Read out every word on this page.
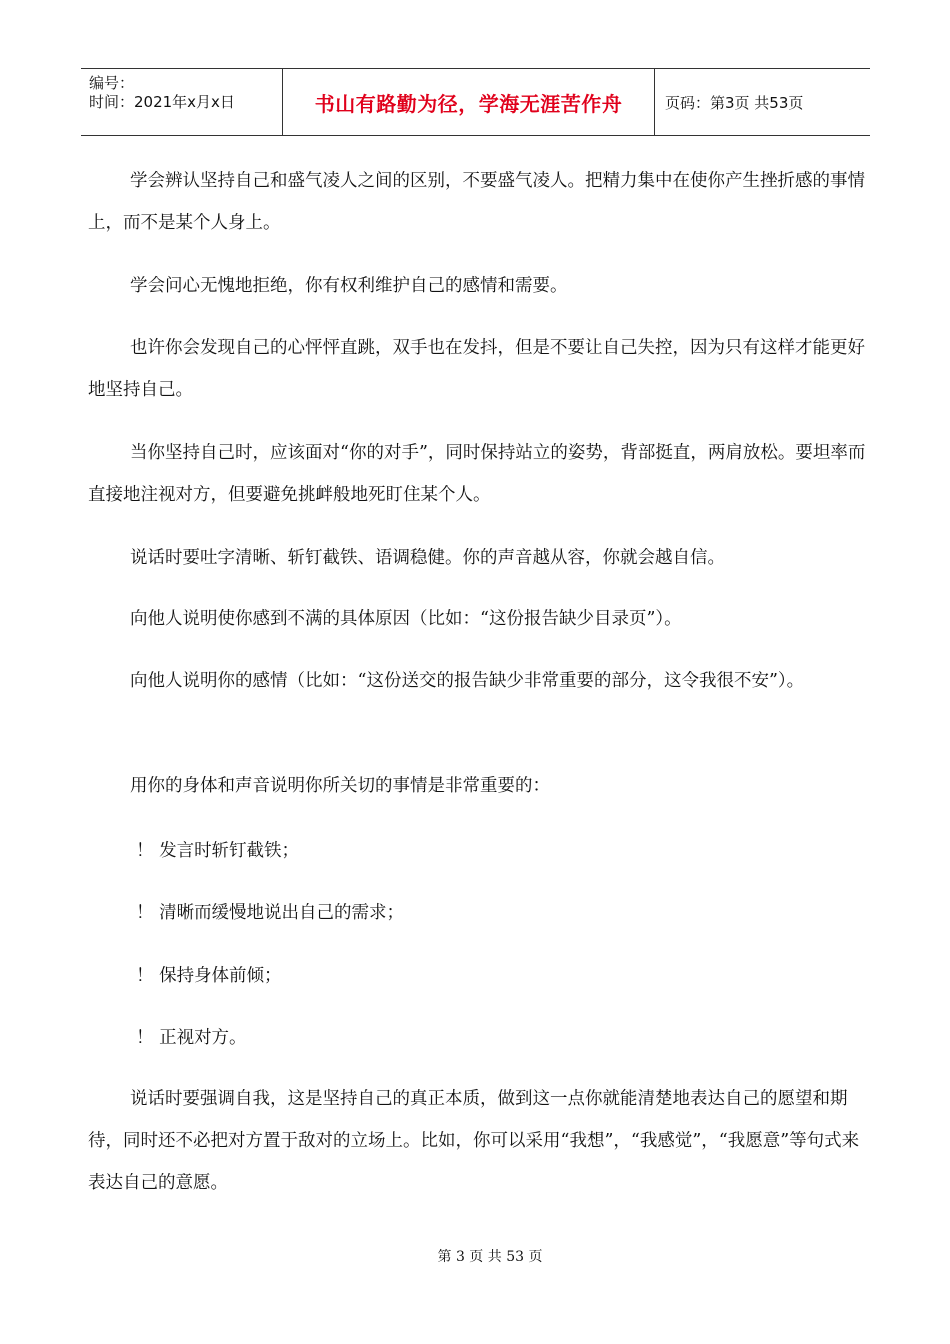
编号：
时间：2021年x月x日	书山有路勤为径，学海无涯苦作舟	页码：第3页 共53页

学会辨认坚持自己和盛气凌人之间的区别，不要盛气凌人。把精力集中在使你产生挫折感的事情上，而不是某个人身上。

学会问心无愧地拒绝，你有权利维护自己的感情和需要。

也许你会发现自己的心怦怦直跳，双手也在发抖，但是不要让自己失控，因为只有这样才能更好地坚持自己。

当你坚持自己时，应该面对“你的对手”，同时保持站立的姿势，背部挺直，两肩放松。要坦率而直接地注视对方，但要避免挑衅般地死盯住某个人。

说话时要吐字清晰、斩钉截铁、语调稳健。你的声音越从容，你就会越自信。

向他人说明使你感到不满的具体原因（比如：“这份报告缺少目录页”）。

向他人说明你的感情（比如：“这份送交的报告缺少非常重要的部分，这令我很不安”）。

用你的身体和声音说明你所关切的事情是非常重要的：

！ 发言时斩钉截铁；

！ 清晰而缓慢地说出自己的需求；

！ 保持身体前倾；

！ 正视对方。

说话时要强调自我，这是坚持自己的真正本质，做到这一点你就能清楚地表达自己的愿望和期待，同时还不必把对方置于敌对的立场上。比如，你可以采用“我想”，“我感觉”，“我愿意”等句式来表达自己的意愿。

第 3 页 共 53 页
